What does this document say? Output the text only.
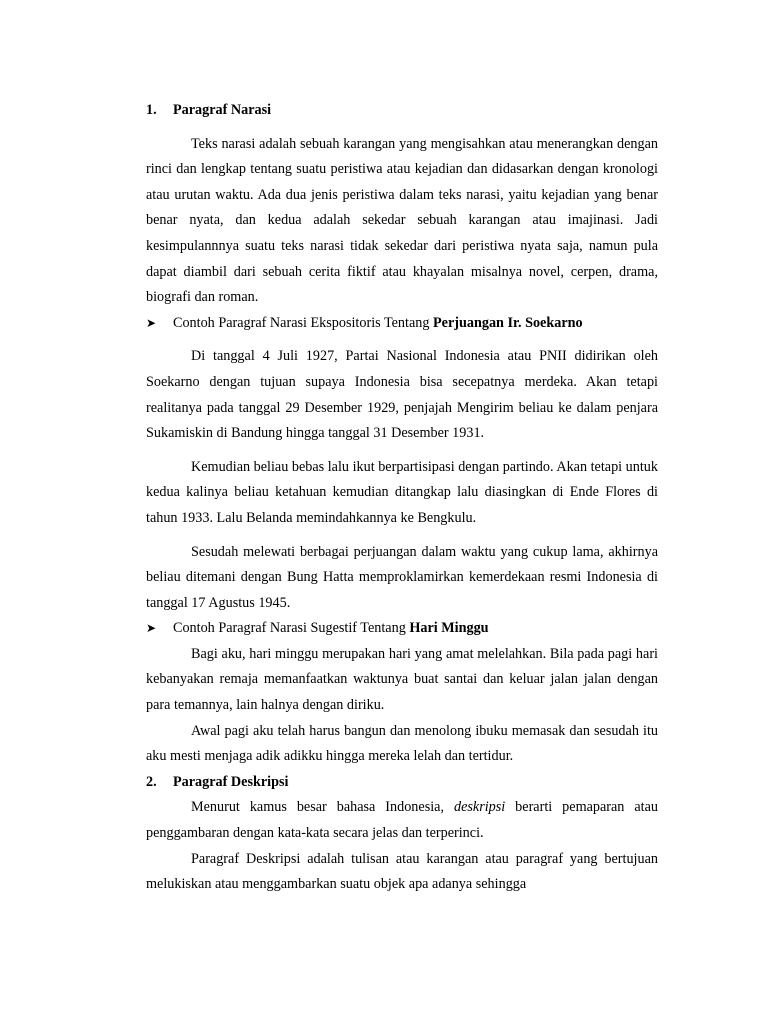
1.	Paragraf Narasi

Teks narasi adalah sebuah karangan yang mengisahkan atau menerangkan dengan rinci dan lengkap tentang suatu peristiwa atau kejadian dan didasarkan dengan kronologi atau urutan waktu. Ada dua jenis peristiwa dalam teks narasi, yaitu kejadian yang benar benar nyata, dan kedua adalah sekedar sebuah karangan atau imajinasi. Jadi kesimpulannnya suatu teks narasi tidak sekedar dari peristiwa nyata saja, namun pula dapat diambil dari sebuah cerita fiktif atau khayalan misalnya novel, cerpen, drama, biografi dan roman.

➤	Contoh Paragraf Narasi Ekspositoris Tentang Perjuangan Ir. Soekarno

Di tanggal 4 Juli 1927, Partai Nasional Indonesia atau PNII didirikan oleh Soekarno dengan tujuan supaya Indonesia bisa secepatnya merdeka. Akan tetapi realitanya pada tanggal 29 Desember 1929, penjajah Mengirim beliau ke dalam penjara Sukamiskin di Bandung hingga tanggal 31 Desember 1931.

Kemudian beliau bebas lalu ikut berpartisipasi dengan partindo. Akan tetapi untuk kedua kalinya beliau ketahuan kemudian ditangkap lalu diasingkan di Ende Flores di tahun 1933. Lalu Belanda memindahkannya ke Bengkulu.

Sesudah melewati berbagai perjuangan dalam waktu yang cukup lama, akhirnya beliau ditemani dengan Bung Hatta memproklamirkan kemerdekaan resmi Indonesia di tanggal 17 Agustus 1945.

➤	Contoh Paragraf Narasi Sugestif Tentang Hari Minggu

Bagi aku, hari minggu merupakan hari yang amat melelahkan. Bila pada pagi hari kebanyakan remaja memanfaatkan waktunya buat santai dan keluar jalan jalan dengan para temannya, lain halnya dengan diriku.

Awal pagi aku telah harus bangun dan menolong ibuku memasak dan sesudah itu aku mesti menjaga adik adikku hingga mereka lelah dan tertidur.

2.	Paragraf Deskripsi

Menurut kamus besar bahasa Indonesia, deskripsi berarti pemaparan atau penggambaran dengan kata-kata secara jelas dan terperinci.

Paragraf Deskripsi adalah tulisan atau karangan atau paragraf yang bertujuan melukiskan atau menggambarkan suatu objek apa adanya sehingga
